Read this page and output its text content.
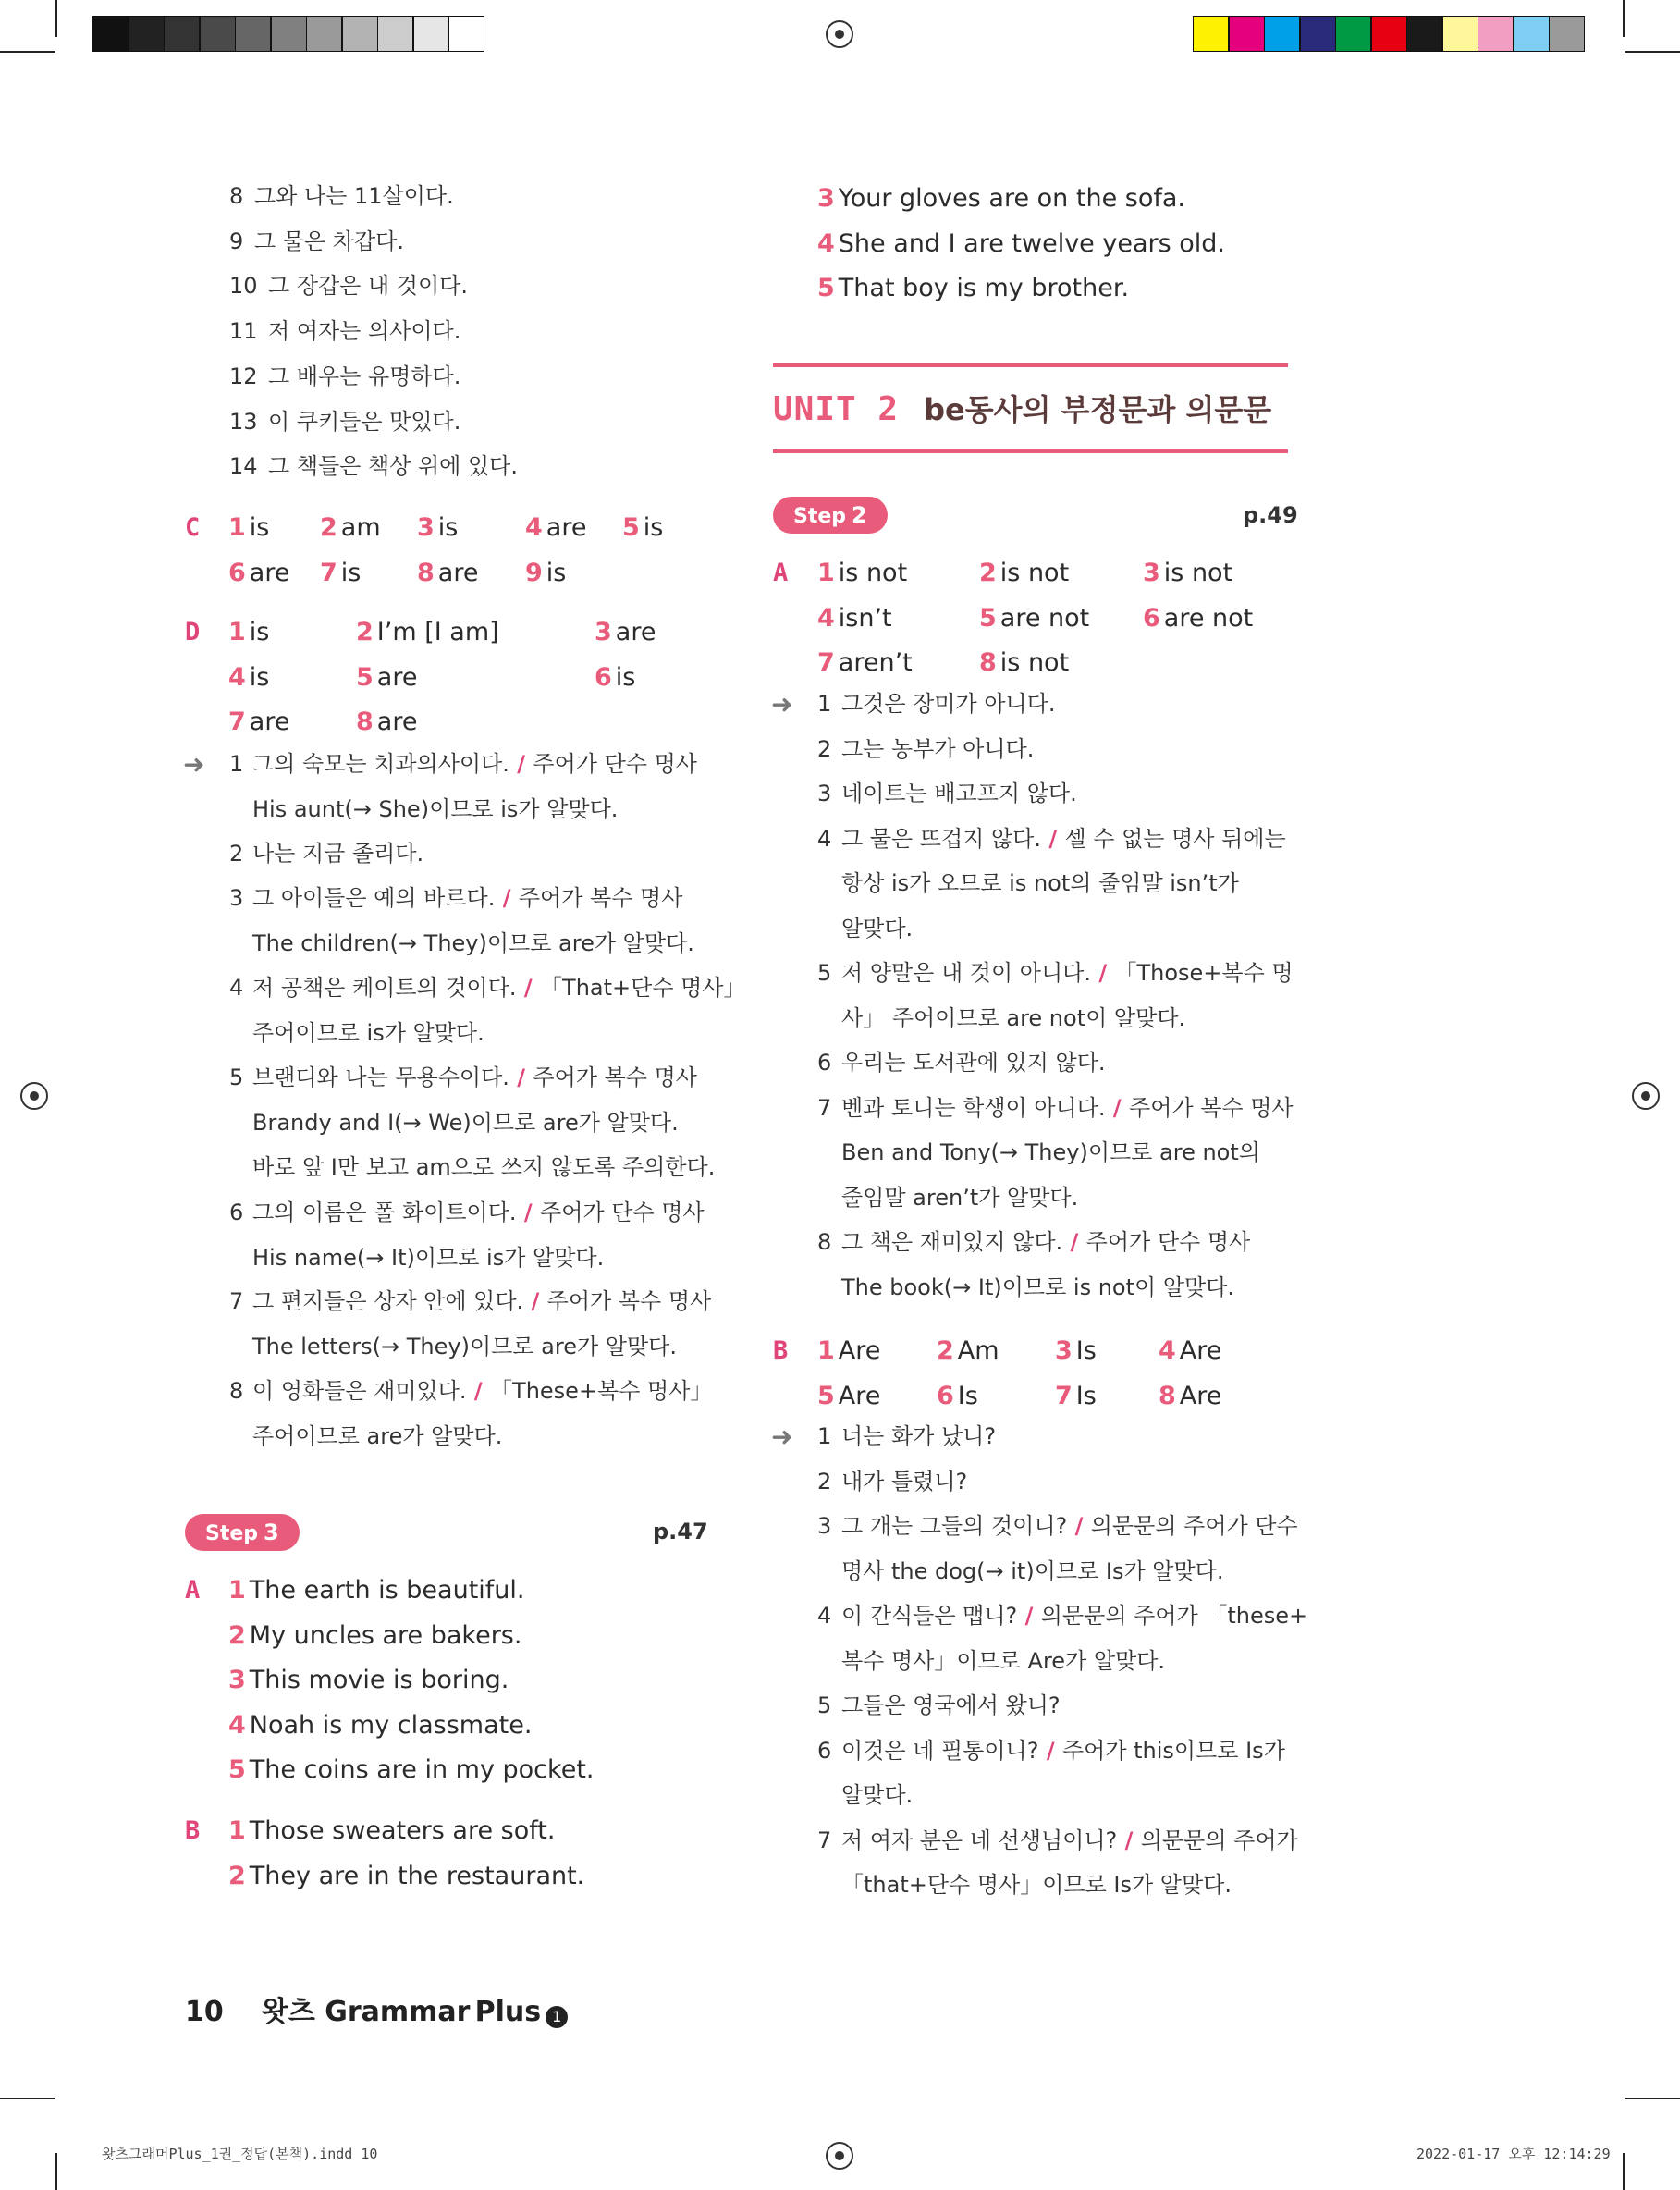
8 그와 나는 11살이다.
9 그 물은 차갑다.
10 그 장갑은 내 것이다.
11 저 여자는 의사이다.
12 그 배우는 유명하다.
13 이 쿠키들은 맛있다.
14 그 책들은 책상 위에 있다.
C 1 is 2 am 3 is	4 are 5 is
6 are 7 is 8 are 9 is
D 1 is	2 I’m [I am]	3 are
4 is	5 are	6 is
7 are	8 are
➜ 1 그의 숙모는 치과의사이다. / 주어가 단수 명사
His aunt(→ She)이므로 is가 알맞다.
2 나는 지금 졸리다.
3 그 아이들은 예의 바르다. / 주어가 복수 명사
The children(→ They)이므로 are가 알맞다.
4 저 공책은 케이트의 것이다. / 「That+단수 명사」
주어이므로 is가 알맞다.
5 브랜디와 나는 무용수이다. / 주어가 복수 명사
Brandy and I(→ We)이므로 are가 알맞다.
바로 앞 I만 보고 am으로 쓰지 않도록 주의한다.
6 그의 이름은 폴 화이트이다. / 주어가 단수 명사
His name(→ It)이므로 is가 알맞다.
7 그 편지들은 상자 안에 있다. / 주어가 복수 명사
The letters(→ They)이므로 are가 알맞다.
8 이 영화들은 재미있다. / 「These+복수 명사」
주어이므로 are가 알맞다.
Step 3	p.47
A 1 The earth is beautiful.
2 My uncles are bakers.
3 This movie is boring.
4 Noah is my classmate.
5 The coins are in my pocket.
B 1 Those sweaters are soft.
2 They are in the restaurant.
3 Your gloves are on the sofa.
4 She and I are twelve years old.
5 That boy is my brother.
UNIT 2 be동사의 부정문과 의문문
Step 2	p.49
A 1 is not	2 is not	3 is not
4 isn’t	5 are not 6 are not
7 aren’t	8 is not
➜ 1 그것은 장미가 아니다.
2 그는 농부가 아니다.
3 네이트는 배고프지 않다.
4 그 물은 뜨겁지 않다. / 셀 수 없는 명사 뒤에는
항상 is가 오므로 is not의 줄임말 isn’t가
알맞다.
5 저 양말은 내 것이 아니다. / 「Those+복수 명
사」 주어이므로 are not이 알맞다.
6 우리는 도서관에 있지 않다.
7 벤과 토니는 학생이 아니다. / 주어가 복수 명사
Ben and Tony(→ They)이므로 are not의
줄임말 aren’t가 알맞다.
8 그 책은 재미있지 않다. / 주어가 단수 명사
The book(→ It)이므로 is not이 알맞다.
B 1 Are 2 Am 3 Is 4 Are
5 Are 6 Is	7 Is 8 Are
➜ 1 너는 화가 났니?
2 내가 틀렸니?
3 그 개는 그들의 것이니? / 의문문의 주어가 단수
명사 the dog(→ it)이므로 Is가 알맞다.
4 이 간식들은 맵니? / 의문문의 주어가 「these+
복수 명사」이므로 Are가 알맞다.
5 그들은 영국에서 왔니?
6 이것은 네 필통이니? / 주어가 this이므로 Is가
알맞다.
7 저 여자 분은 네 선생님이니? / 의문문의 주어가
「that+단수 명사」이므로 Is가 알맞다.
10 왓츠 Grammar Plus 1
왓츠그래머Plus_1권_정답(본책).indd 10	2022-01-17 오후 12:14:29
